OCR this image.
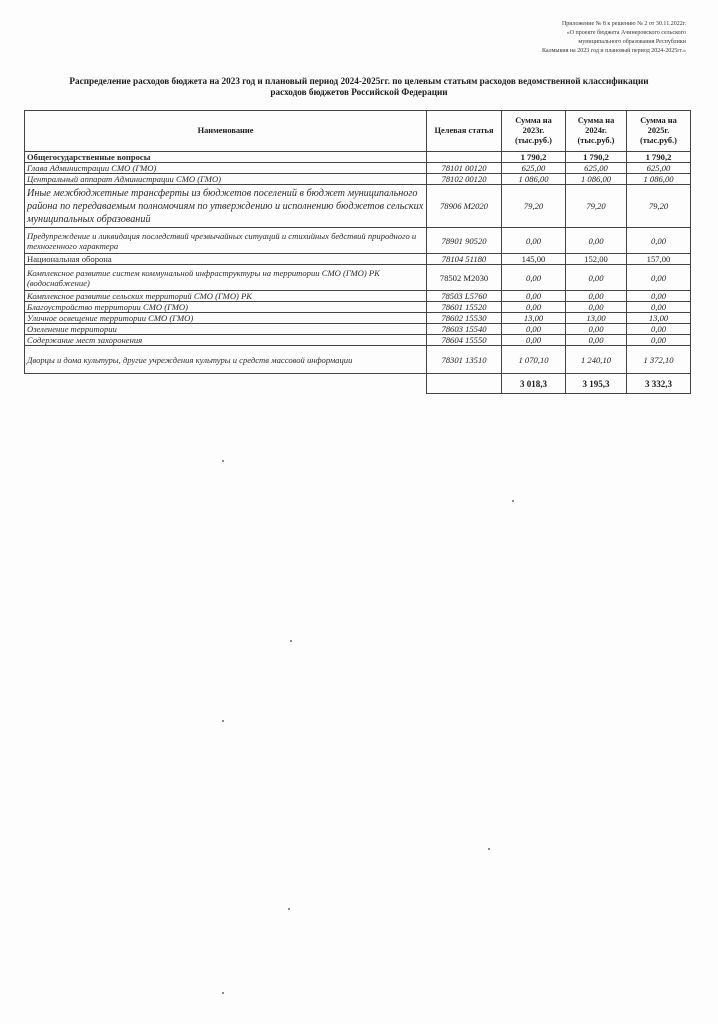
Приложение № 8 к решению № 2 от 30.11.2022г.
«О проекте бюджета Ачинеровского сельского
муниципального образования Республики
Калмыкия на 2023 год и плановый период 2024-2025гг.»
Распределение расходов бюджета на 2023 год и плановый период 2024-2025гг. по целевым статьям расходов ведомственной классификации
расходов бюджетов Российской Федерации
Наименование	Целевая статья	Сумма на 2023г. (тыс.руб.)	Сумма на 2024г. (тыс.руб.)	Сумма на 2025г. (тыс.руб.)
Общегосударственные вопросы		1 790,2	1 790,2	1 790,2
Глава Администрации СМО (ГМО)	78101 00120	625,00	625,00	625,00
Центральный аппарат Администрации СМО (ГМО)	78102 00120	1 086,00	1 086,00	1 086,00
Иные межбюджетные трансферты из бюджетов поселений в бюджет муниципального района по передаваемым полномочиям по утверждению и исполнению бюджетов сельских муниципальных образований	78906 М2020	79,20	79,20	79,20
Предупреждение и ликвидация последствий чрезвычайных ситуаций и стихийных бедствий природного и техногенного характера	78901 90520	0,00	0,00	0,00
Национальная оборона	78104 51180	145,00	152,00	157,00
Комплексное развитие систем коммунальной инфраструктуры на территории СМО (ГМО) РК (водоснабжение)	78502 М2030	0,00	0,00	0,00
Комплексное развитие сельских территорий СМО (ГМО) РК	78503 L5760	0,00	0,00	0,00
Благоустройство территории СМО (ГМО)	78601 15520	0,00	0,00	0,00
Уличное освещение территории СМО (ГМО)	78602 15530	13,00	13,00	13,00
Озеленение территории	78603 15540	0,00	0,00	0,00
Содержание мест захоронения	78604 15550	0,00	0,00	0,00
Дворцы и дома культуры, другие учреждения культуры и средств массовой информации	78301 13510	1 070,10	1 240,10	1 372,10
		3 018,3	3 195,3	3 332,3
